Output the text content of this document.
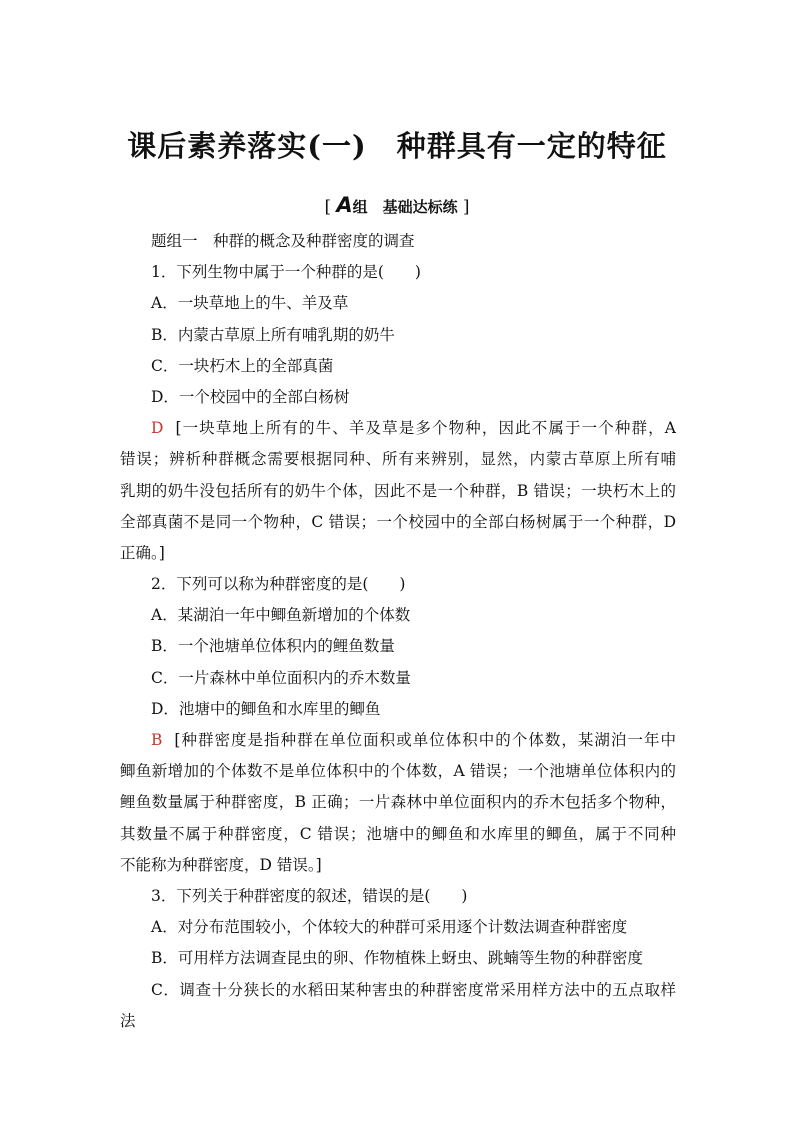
课后素养落实(一)　种群具有一定的特征
[ A组　基础达标练 ]

题组一　种群的概念及种群密度的调查

1．下列生物中属于一个种群的是(　　)

A．一块草地上的牛、羊及草

B．内蒙古草原上所有哺乳期的奶牛

C．一块朽木上的全部真菌

D．一个校园中的全部白杨树

D [一块草地上所有的牛、羊及草是多个物种，因此不属于一个种群，A

错误；辨析种群概念需要根据同种、所有来辨别，显然，内蒙古草原上所有哺

乳期的奶牛没包括所有的奶牛个体，因此不是一个种群，B 错误；一块朽木上的

全部真菌不是同一个物种，C 错误；一个校园中的全部白杨树属于一个种群，D

正确。]

2．下列可以称为种群密度的是(　　)

A．某湖泊一年中鲫鱼新增加的个体数

B．一个池塘单位体积内的鲤鱼数量

C．一片森林中单位面积内的乔木数量

D．池塘中的鲫鱼和水库里的鲫鱼

B [种群密度是指种群在单位面积或单位体积中的个体数，某湖泊一年中

鲫鱼新增加的个体数不是单位体积中的个体数，A 错误；一个池塘单位体积内的

鲤鱼数量属于种群密度，B 正确；一片森林中单位面积内的乔木包括多个物种，

其数量不属于种群密度，C 错误；池塘中的鲫鱼和水库里的鲫鱼，属于不同种

不能称为种群密度，D 错误。]

3．下列关于种群密度的叙述，错误的是(　　)

A．对分布范围较小，个体较大的种群可采用逐个计数法调查种群密度

B．可用样方法调查昆虫的卵、作物植株上蚜虫、跳蝻等生物的种群密度

C．调查十分狭长的水稻田某种害虫的种群密度常采用样方法中的五点取样

法
